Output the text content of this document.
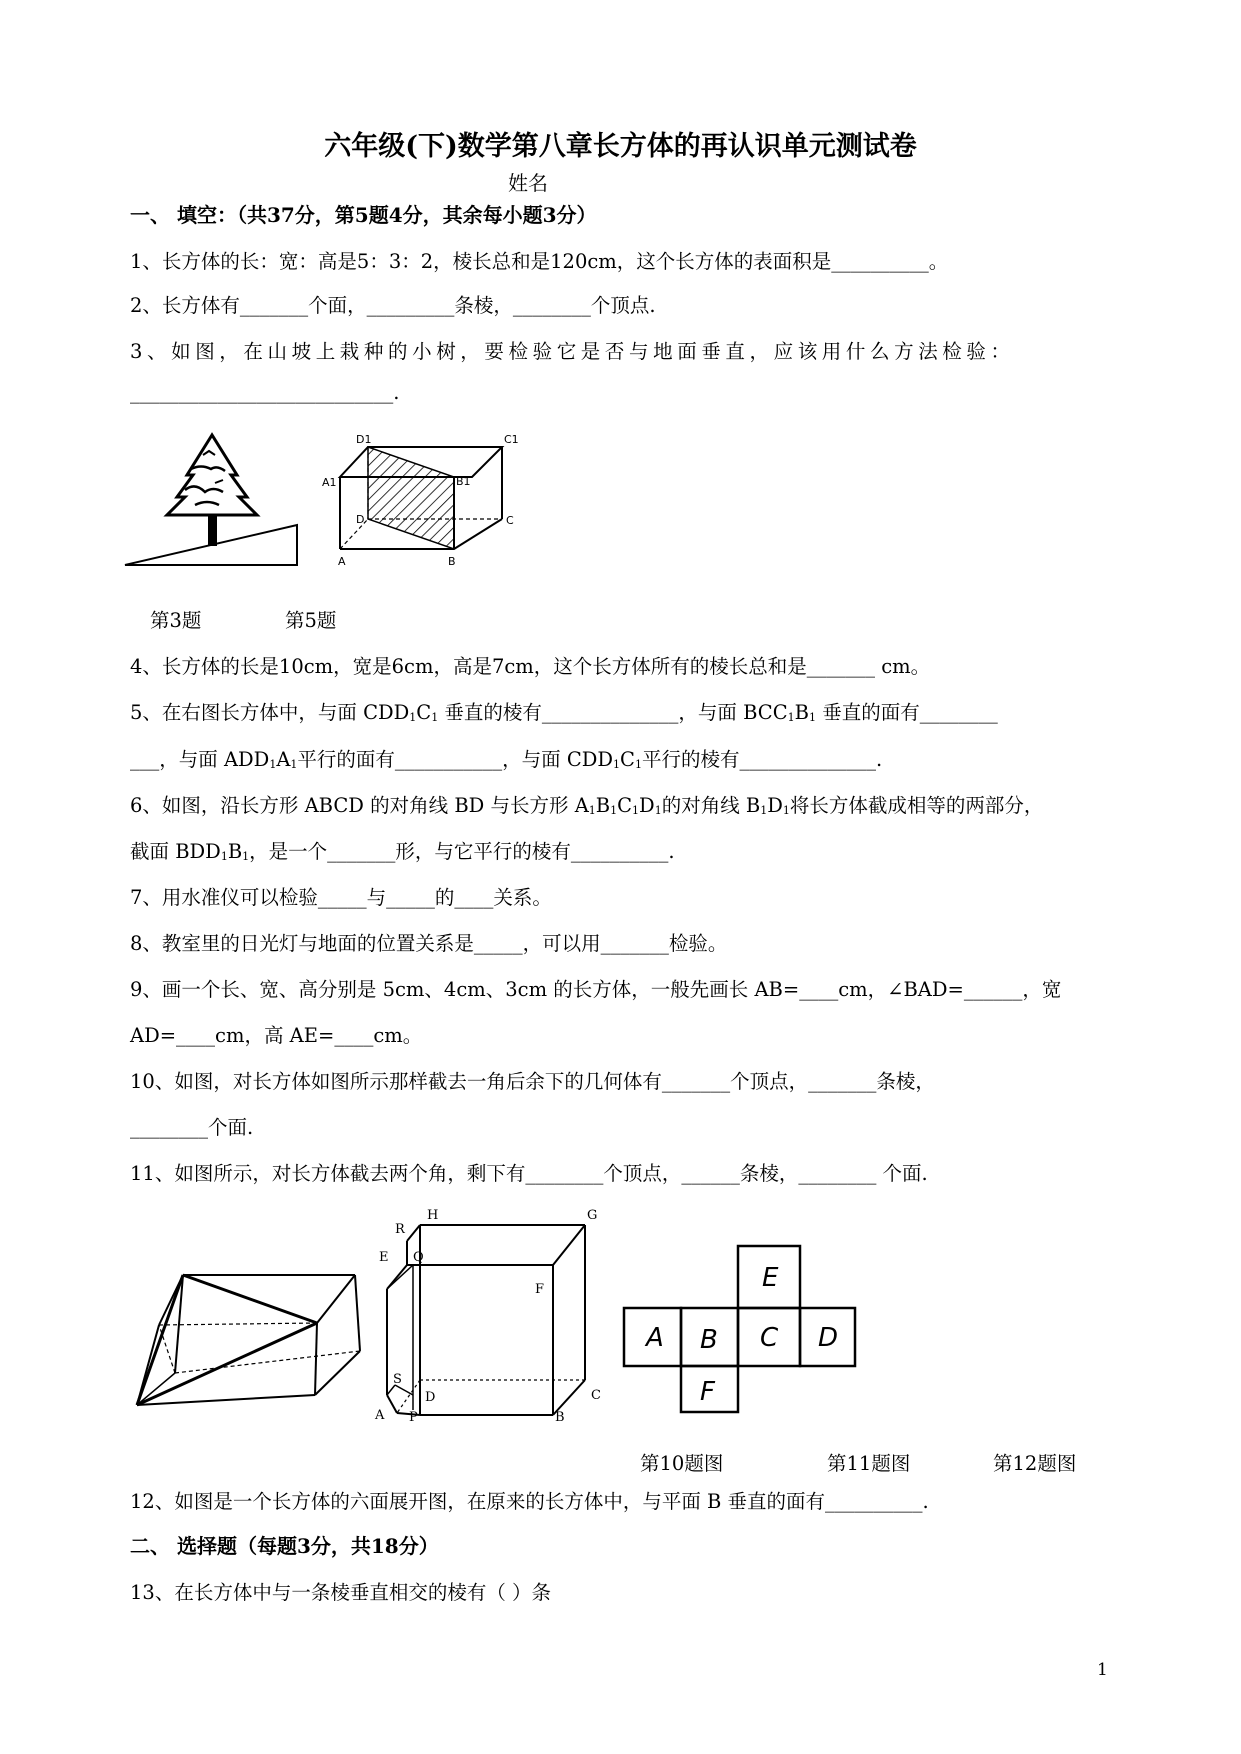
六年级(下)数学第八章长方体的再认识单元测试卷
姓名
一、 填空：（共37分，第5题4分，其余每小题3分）
1、长方体的长：宽：高是5：3：2，棱长总和是120cm，这个长方体的表面积是__________。
2、长方体有_______个面，_________条棱，________个顶点.
3、如图，在山坡上栽种的小树，要检验它是否与地面垂直，应该用什么方法检验：
___________________________.
D1	C1
A1	B1
D	C
A	B
第3题	第5题
4、长方体的长是10cm，宽是6cm，高是7cm，这个长方体所有的棱长总和是_______ cm。
5、在右图长方体中，与面 $CDD_1C_1$ 垂直的棱有______________，与面 $BCC_1B_1$ 垂直的面有________
___，与面 $ADD_1A_1$平行的面有___________，与面 $CDD_1C_1$平行的棱有______________.
6、如图，沿长方形 ABCD 的对角线 BD 与长方形 $A_1B_1C_1D_1$的对角线 $B_1D_1$将长方体截成相等的两部分，
截面 $BDD_1B_1$，是一个_______形，与它平行的棱有__________.
7、用水准仪可以检验_____与_____的____关系。
8、教室里的日光灯与地面的位置关系是_____，可以用_______检验。
9、画一个长、宽、高分别是 5cm、4cm、3cm 的长方体，一般先画长 AB=____cm，∠BAD=______，宽
AD=____cm，高 AE=____cm。
10、如图，对长方体如图所示那样截去一角后余下的几何体有_______个顶点，_______条棱，
________个面.
11、如图所示，对长方体截去两个角，剩下有________个顶点，______条棱，________ 个面.
H	G
R
E Q
F
D	C
S
A P	B
E
A B C D
F
第10题图	第11题图	第12题图
12、如图是一个长方体的六面展开图，在原来的长方体中，与平面 B 垂直的面有__________.
二、 选择题（每题3分，共18分）
13、在长方体中与一条棱垂直相交的棱有（ ）条
1
